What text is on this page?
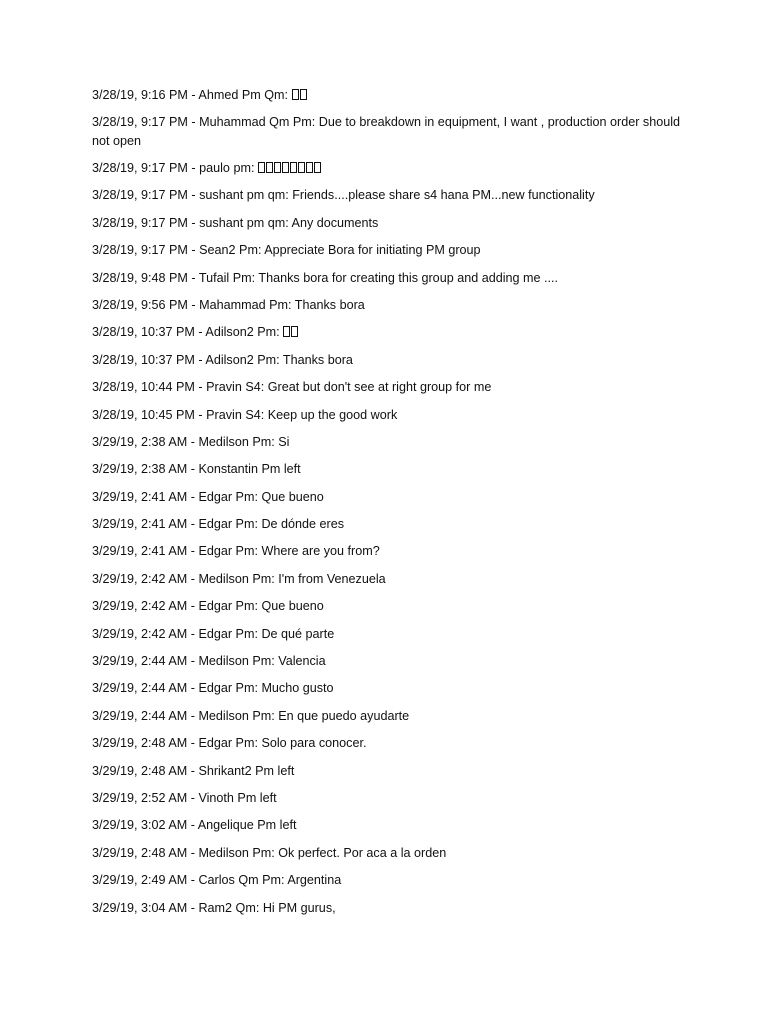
3/28/19, 9:16 PM - Ahmed Pm Qm:
3/28/19, 9:17 PM - Muhammad Qm Pm: Due to breakdown in equipment, I want , production order should not open
3/28/19, 9:17 PM - paulo pm:
3/28/19, 9:17 PM - sushant pm qm: Friends....please share s4 hana PM...new functionality
3/28/19, 9:17 PM - sushant pm qm: Any documents
3/28/19, 9:17 PM - Sean2 Pm: Appreciate Bora for initiating PM group
3/28/19, 9:48 PM - Tufail Pm: Thanks bora for creating this group and adding me ....
3/28/19, 9:56 PM - Mahammad Pm: Thanks bora
3/28/19, 10:37 PM - Adilson2 Pm:
3/28/19, 10:37 PM - Adilson2 Pm: Thanks bora
3/28/19, 10:44 PM - Pravin S4: Great but don't see at right group for me
3/28/19, 10:45 PM - Pravin S4: Keep up the good work
3/29/19, 2:38 AM - Medilson Pm: Si
3/29/19, 2:38 AM - Konstantin Pm left
3/29/19, 2:41 AM - Edgar Pm: Que bueno
3/29/19, 2:41 AM - Edgar Pm: De dónde eres
3/29/19, 2:41 AM - Edgar Pm: Where are you from?
3/29/19, 2:42 AM - Medilson Pm: I'm from Venezuela
3/29/19, 2:42 AM - Edgar Pm: Que bueno
3/29/19, 2:42 AM - Edgar Pm: De qué parte
3/29/19, 2:44 AM - Medilson Pm: Valencia
3/29/19, 2:44 AM - Edgar Pm: Mucho gusto
3/29/19, 2:44 AM - Medilson Pm: En que puedo ayudarte
3/29/19, 2:48 AM - Edgar Pm: Solo para conocer.
3/29/19, 2:48 AM - Shrikant2 Pm left
3/29/19, 2:52 AM - Vinoth Pm left
3/29/19, 3:02 AM - Angelique Pm left
3/29/19, 2:48 AM - Medilson Pm: Ok perfect. Por aca a la orden
3/29/19, 2:49 AM - Carlos Qm Pm: Argentina
3/29/19, 3:04 AM - Ram2 Qm: Hi PM gurus,
